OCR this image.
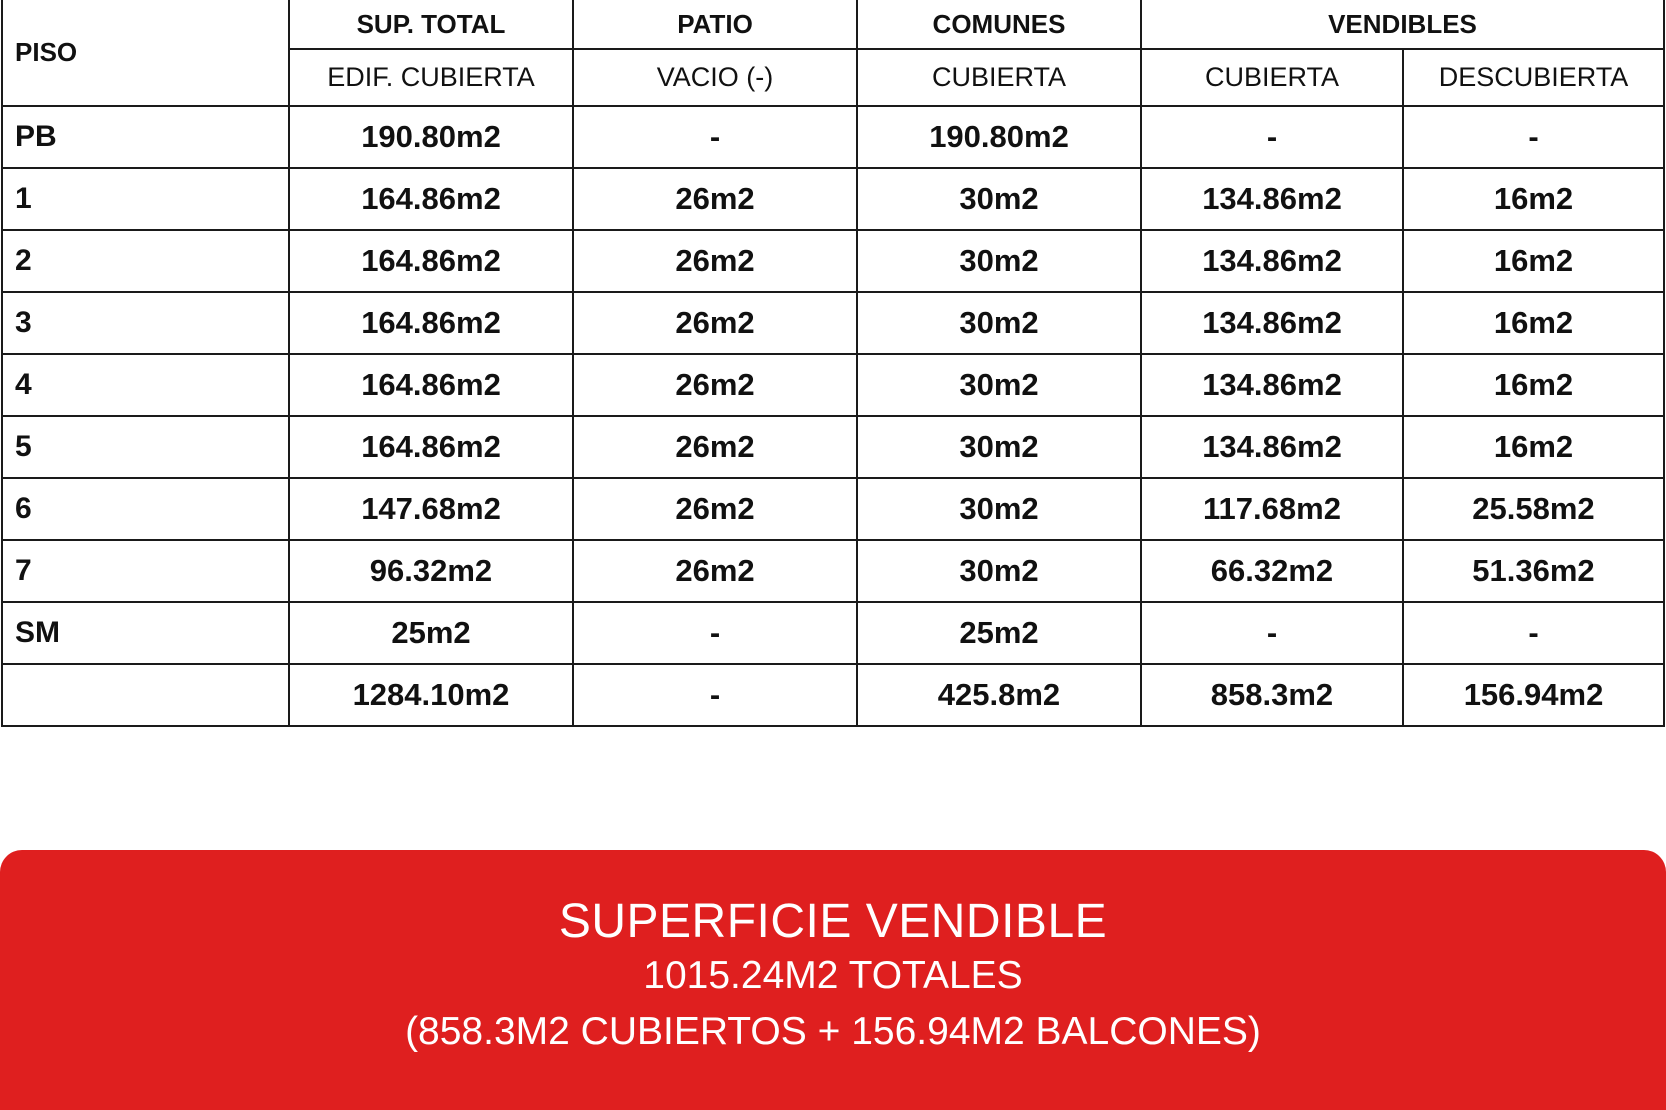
PISO	SUP. TOTAL	PATIO	COMUNES	VENDIBLES	
	EDIF. CUBIERTA	VACIO (-)	CUBIERTA	CUBIERTA	DESCUBIERTA
PB	190.80m2	-	190.80m2	-	-
1	164.86m2	26m2	30m2	134.86m2	16m2
2	164.86m2	26m2	30m2	134.86m2	16m2
3	164.86m2	26m2	30m2	134.86m2	16m2
4	164.86m2	26m2	30m2	134.86m2	16m2
5	164.86m2	26m2	30m2	134.86m2	16m2
6	147.68m2	26m2	30m2	117.68m2	25.58m2
7	96.32m2	26m2	30m2	66.32m2	51.36m2
SM	25m2	-	25m2	-	-
	1284.10m2	-	425.8m2	858.3m2	156.94m2
SUPERFICIE VENDIBLE
1015.24M2 TOTALES
(858.3M2 CUBIERTOS + 156.94M2 BALCONES)
